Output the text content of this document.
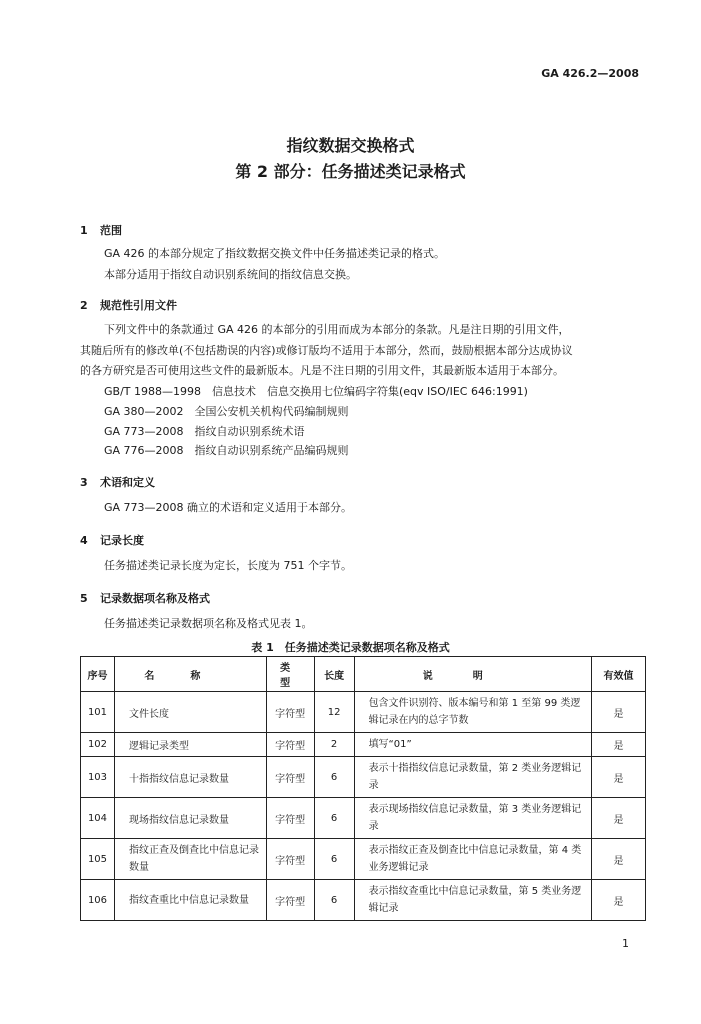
GA 426.2—2008
指纹数据交换格式
第 2 部分：任务描述类记录格式
1 范围
GA 426 的本部分规定了指纹数据交换文件中任务描述类记录的格式。
本部分适用于指纹自动识别系统间的指纹信息交换。
2 规范性引用文件
下列文件中的条款通过 GA 426 的本部分的引用而成为本部分的条款。凡是注日期的引用文件，
其随后所有的修改单(不包括勘误的内容)或修订版均不适用于本部分，然而，鼓励根据本部分达成协议
的各方研究是否可使用这些文件的最新版本。凡是不注日期的引用文件，其最新版本适用于本部分。
GB/T 1988—1998　信息技术　信息交换用七位编码字符集(eqv ISO/IEC 646:1991)
GA 380—2002　全国公安机关机构代码编制规则
GA 773—2008　指纹自动识别系统术语
GA 776—2008　指纹自动识别系统产品编码规则
3 术语和定义
GA 773—2008 确立的术语和定义适用于本部分。
4 记录长度
任务描述类记录长度为定长，长度为 751 个字节。
5 记录数据项名称及格式
任务描述类记录数据项名称及格式见表 1。
表 1　任务描述类记录数据项名称及格式
序号	名称	类型	长度	说明	有效值
101	文件长度	字符型	12	包含文件识别符、版本编号和第 1 至第 99 类逻辑记录在内的总字节数	是
102	逻辑记录类型	字符型	2	填写“01”	是
103	十指指纹信息记录数量	字符型	6	表示十指指纹信息记录数量，第 2 类业务逻辑记录	是
104	现场指纹信息记录数量	字符型	6	表示现场指纹信息记录数量，第 3 类业务逻辑记录	是
105	指纹正查及倒查比中信息记录数量	字符型	6	表示指纹正查及倒查比中信息记录数量，第 4 类业务逻辑记录	是
106	指纹查重比中信息记录数量	字符型	6	表示指纹查重比中信息记录数量，第 5 类业务逻辑记录	是
1
